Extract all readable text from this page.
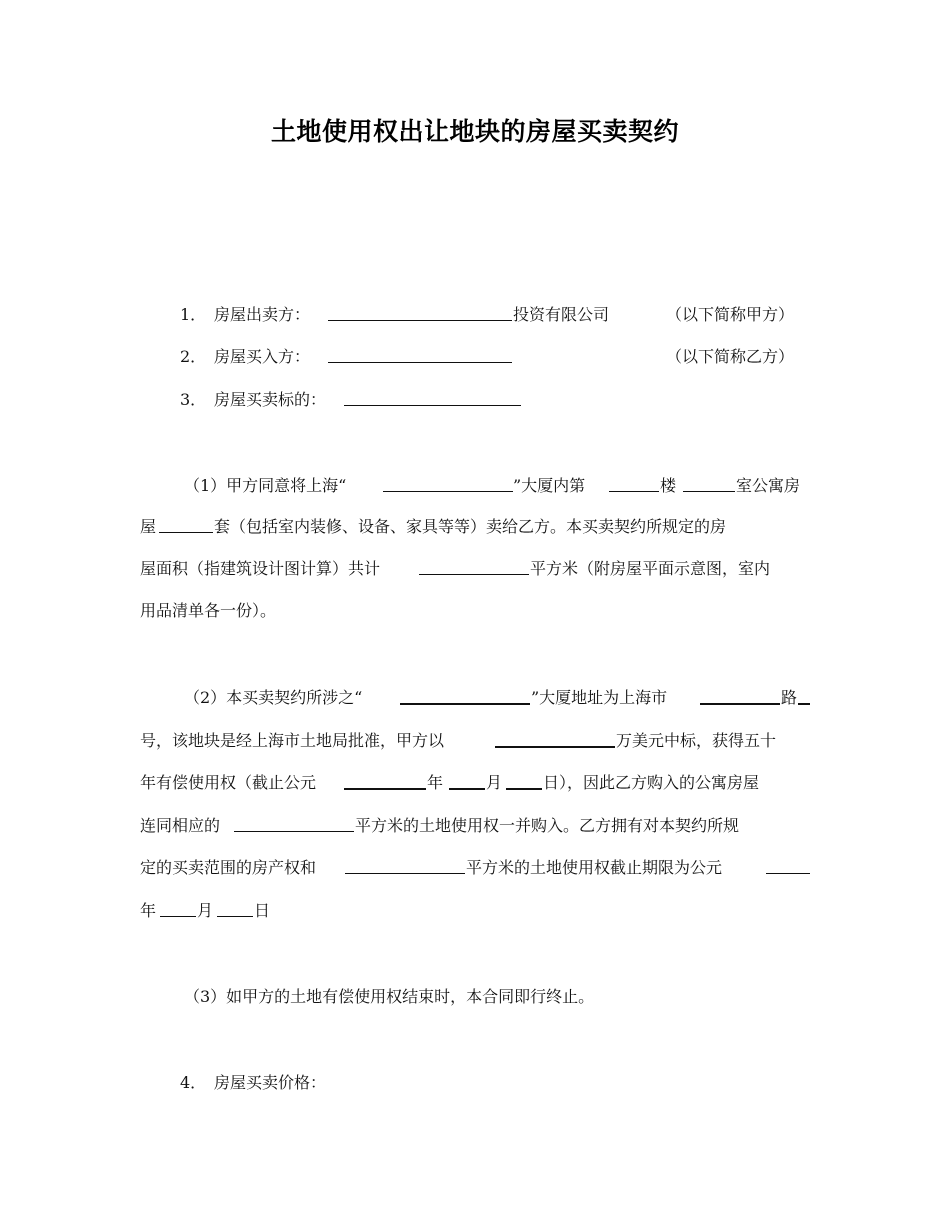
土地使用权出让地块的房屋买卖契约
1． 房屋出卖方：	投资有限公司	（以下简称甲方）
2． 房屋买入方：	（以下简称乙方）
3． 房屋买卖标的：
（1）甲方同意将上海“	”大厦内第	楼	室公寓房
屋	套（包括室内装修、设备、家具等等）卖给乙方。本买卖契约所规定的房
屋面积（指建筑设计图计算）共计	平方米（附房屋平面示意图，室内
用品清单各一份）。
（2）本买卖契约所涉之“	”大厦地址为上海市	路
号，该地块是经上海市土地局批准，甲方以	万美元中标，获得五十
年有偿使用权（截止公元	年	月	日），因此乙方购入的公寓房屋
连同相应的	平方米的土地使用权一并购入。乙方拥有对本契约所规
定的买卖范围的房产权和	平方米的土地使用权截止期限为公元
年	月	日
（3）如甲方的土地有偿使用权结束时，本合同即行终止。
4． 房屋买卖价格：
